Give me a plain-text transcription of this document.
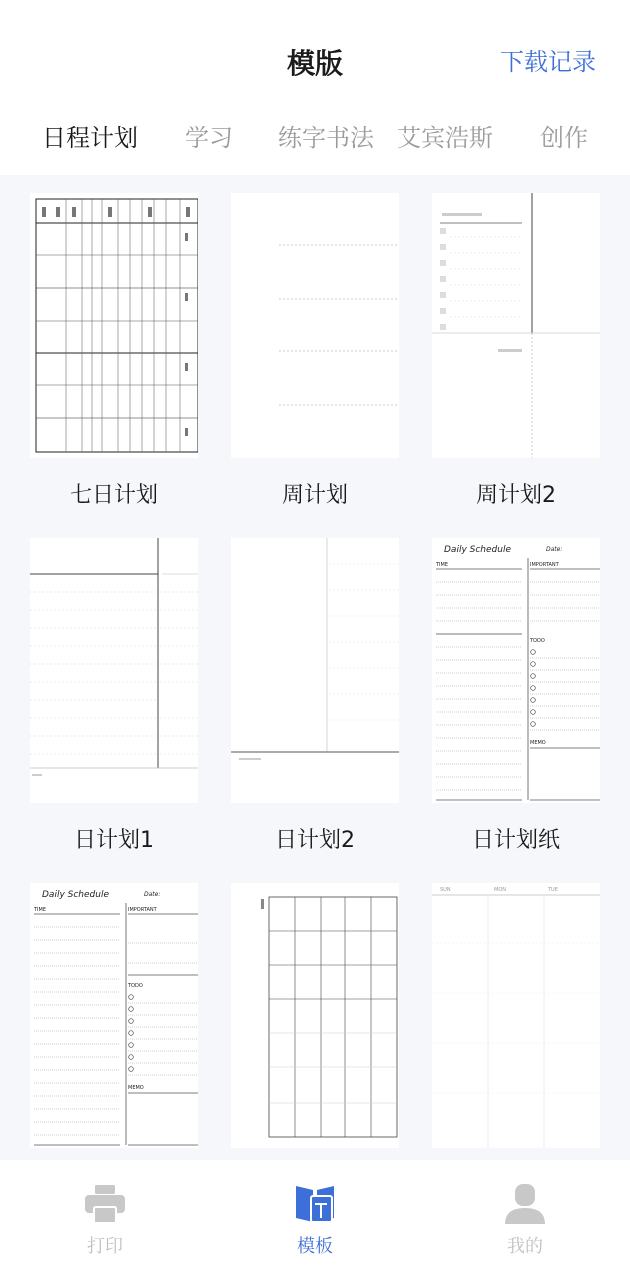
模版	下载记录
日程计划 学习 练字书法 艾宾浩斯 创作
七日计划	周计划	周计划2
日计划1	日计划2
Daily Schedule	Date:
TIME	IMPORTANT
TODO
MEMO
日计划纸
Daily Schedule	Date:
TIME	IMPORTANT
TODO
MEMO
SUN	MON	TUE
打印	模板	我的
